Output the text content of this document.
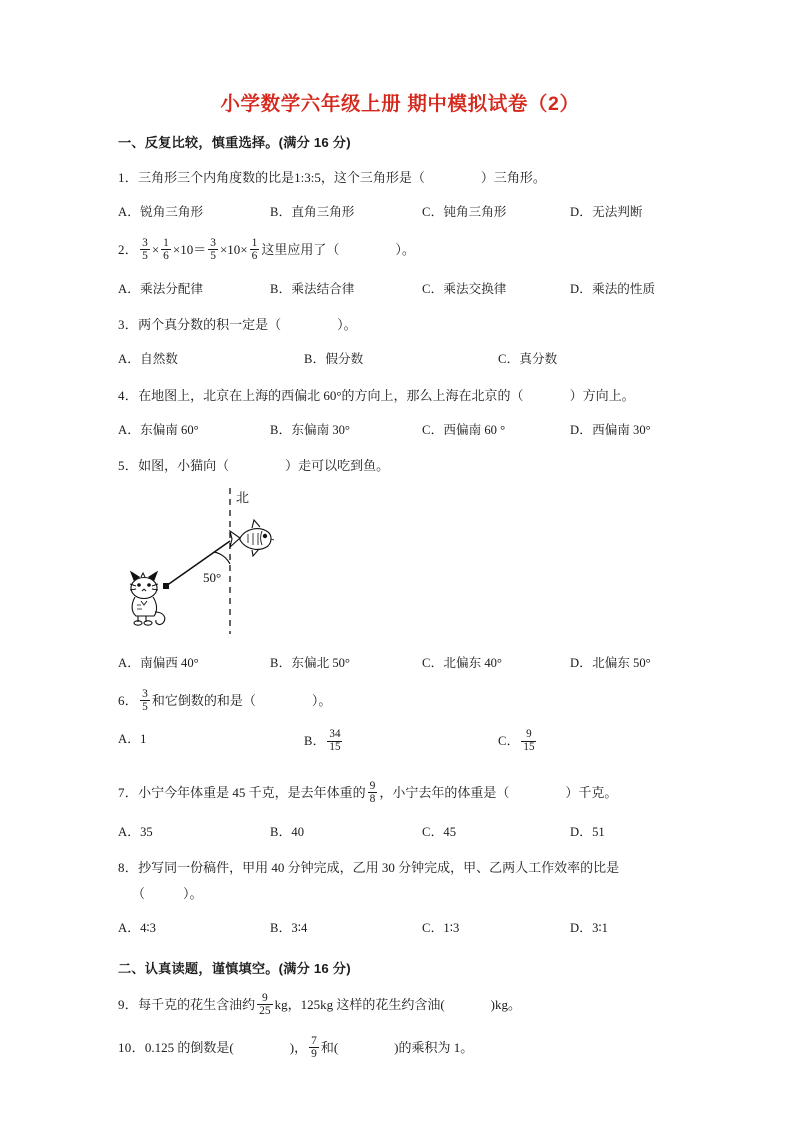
小学数学六年级上册 期中模拟试卷（2）
一、反复比较，慎重选择。(满分 16 分)
1．三角形三个内角度数的比是1:3:5，这个三角形是（	）三角形。
A．锐角三角形	B．直角三角形	C．钝角三角形	D．无法判断
2． $\frac{3}{5} \times \frac{1}{6} \times 10= \frac{3}{5} \times 10\times \frac{1}{6}$ 这里应用了（	）。
A．乘法分配律	B．乘法结合律	C．乘法交换律	D．乘法的性质
3．两个真分数的积一定是（	）。
A．自然数	B．假分数	C．真分数
4．在地图上，北京在上海的西偏北 60°的方向上，那么上海在北京的（	）方向上。
A．东偏南 60°	B．东偏南 30°	C．西偏南 60 °	D．西偏南 30°
5．如图，小猫向（	）走可以吃到鱼。
北
50°
A．南偏西 40°	B．东偏北 50°	C．北偏东 40°	D．北偏东 50°
6． $\frac{3}{5}$ 和它倒数的和是（	）。
A．1	B． $\frac{34}{15}$	C． $\frac{9}{15}$
7．小宁今年体重是 45 千克，是去年体重的 $\frac{9}{8}$ ，小宁去年的体重是（	）千克。
A．35	B．40	C．45	D．51
8．抄写同一份稿件，甲用 40 分钟完成，乙用 30 分钟完成，甲、乙两人工作效率的比是
（	）。
A．4∶3	B．3∶4	C．1∶3	D．3∶1
二、认真读题，谨慎填空。(满分 16 分)
9．每千克的花生含油约 $\frac{9}{25}$ kg，125kg 这样的花生约含油(	)kg。
10．0.125 的倒数是(	)， $\frac{7}{9}$ 和(	)的乘积为 1。
